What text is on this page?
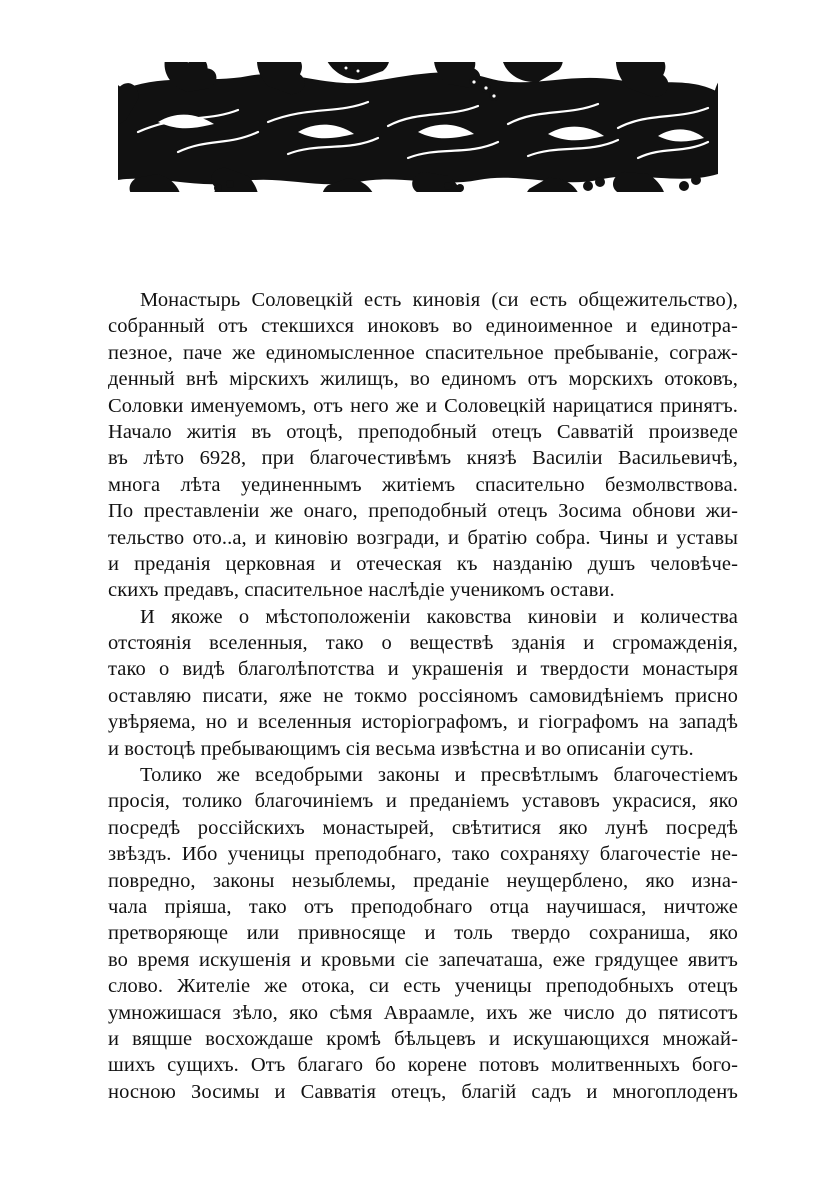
Монастырь Соловецкій есть киновія (си есть общежительство),
собранный отъ стекшихся иноковъ во единоименное и единотра-
пезное, паче же единомысленное спасительное пребываніе, сограж-
денный внѣ мірскихъ жилищъ, во единомъ отъ морскихъ отоковъ,
Соловки именуемомъ, отъ него же и Соловецкій нарицатися принятъ.
Начало житія въ отоцѣ, преподобный отецъ Савватій произведе
въ лѣто 6928, при благочестивѣмъ князѣ Василіи Васильевичѣ,
многа лѣта уединеннымъ житіемъ спасительно безмолвствова.
По преставленіи же онаго, преподобный отецъ Зосима обнови жи-
тельство ото..а, и киновію возгради, и братію собра. Чины и уставы
и преданія церковная и отеческая къ назданію душъ человѣче-
скихъ предавъ, спасительное наслѣдіе ученикомъ остави.
И якоже о мѣстоположеніи каковства киновіи и количества
отстоянія вселенныя, тако о веществѣ зданія и сгромажденія,
тако о видѣ благолѣпотства и украшенія и твердости монастыря
оставляю писати, яже не токмо россіяномъ самовидѣніемъ присно
увѣряема, но и вселенныя исторіографомъ, и гіографомъ на западѣ
и востоцѣ пребывающимъ сія весьма извѣстна и во описаніи суть.
Толико же вседобрыми законы и пресвѣтлымъ благочестіемъ
просія, толико благочиніемъ и преданіемъ уставовъ украсися, яко
посредѣ россійскихъ монастырей, свѣтитися яко лунѣ посредѣ
звѣздъ. Ибо ученицы преподобнаго, тако сохраняху благочестіе не-
повредно, законы незыблемы, преданіе неущерблено, яко изна-
чала пріяша, тако отъ преподобнаго отца научишася, ничтоже
претворяюще или привносяще и толь твердо сохраниша, яко
во время искушенія и кровьми сіе запечаташа, еже грядущее явитъ
слово. Жителіе же отока, си есть ученицы преподобныхъ отецъ
умножишася зѣло, яко сѣмя Авраамле, ихъ же число до пятисотъ
и вящше восхождаше кромѣ бѣльцевъ и искушающихся множай-
шихъ сущихъ. Отъ благаго бо корене потовъ молитвенныхъ бого-
носною Зосимы и Савватія отецъ, благій садъ и многоплоденъ
